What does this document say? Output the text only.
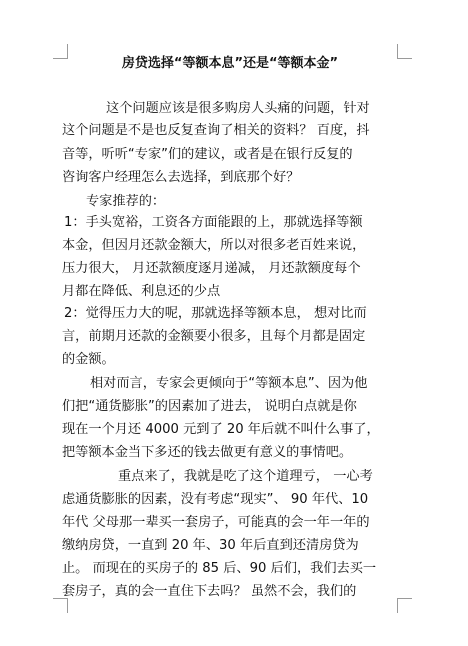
房贷选择“等额本息”还是“等额本金”

这个问题应该是很多购房人头痛的问题，针对

这个问题是不是也反复查询了相关的资料？ 百度，抖

音等，听听“专家”们的建议，或者是在银行反复的

咨询客户经理怎么去选择，到底那个好？

专家推荐的：

1：手头宽裕，工资各方面能跟的上，那就选择等额

本金，但因月还款金额大，所以对很多老百姓来说，

压力很大， 月还款额度逐月递减， 月还款额度每个

月都在降低、利息还的少点

2：觉得压力大的呢，那就选择等额本息， 想对比而

言，前期月还款的金额要小很多，且每个月都是固定

的金额。

相对而言，专家会更倾向于“等额本息”、因为他

们把“通货膨胀”的因素加了进去， 说明白点就是你

现在一个月还 4000 元到了 20 年后就不叫什么事了，

把等额本金当下多还的钱去做更有意义的事情吧。

重点来了，我就是吃了这个道理亏， 一心考

虑通货膨胀的因素，没有考虑“现实”、 90 年代、10

年代 父母那一辈买一套房子，可能真的会一年一年的

缴纳房贷，一直到 20 年、30 年后直到还清房贷为

止。 而现在的买房子的 85 后、90 后们，我们去买一

套房子，真的会一直住下去吗？ 虽然不会，我们的
